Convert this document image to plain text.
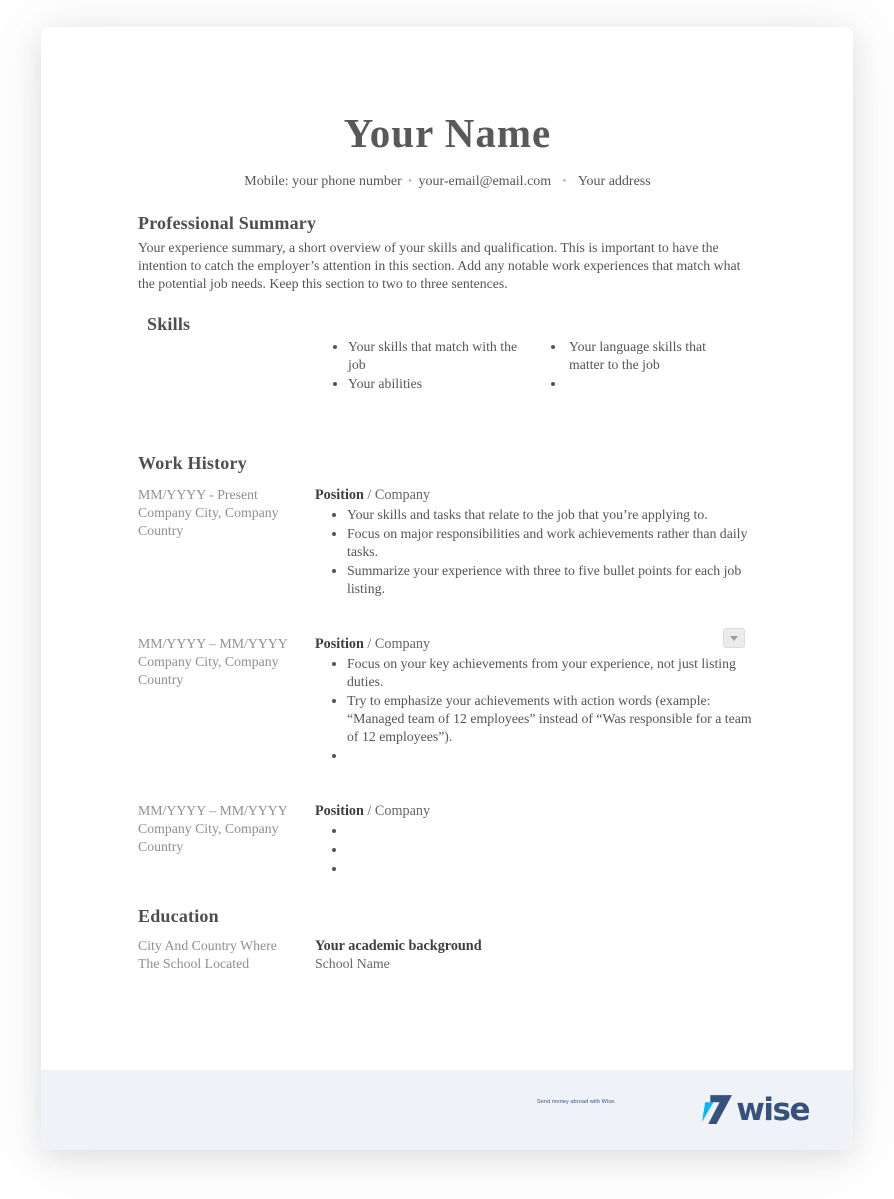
Your Name
Mobile: your phone number · your-email@email.com · Your address
Professional Summary

Your experience summary, a short overview of your skills and qualification. This is important to have the intention to catch the employer’s attention in this section. Add any notable work experiences that match what the potential job needs. Keep this section to two to three sentences.

Skills
• Your skills that match with the job
• Your abilities
• Your language skills that matter to the job
•
Work History
MM/YYYY - Present
Company City, Company Country
Position / Company
• Your skills and tasks that relate to the job that you’re applying to.
• Focus on major responsibilities and work achievements rather than daily tasks.
• Summarize your experience with three to five bullet points for each job listing.
MM/YYYY – MM/YYYY
Company City, Company Country
Position / Company
• Focus on your key achievements from your experience, not just listing duties.
• Try to emphasize your achievements with action words (example: “Managed team of 12 employees” instead of “Was responsible for a team of 12 employees”).
•
MM/YYYY – MM/YYYY
Company City, Company Country
Position / Company
•
•
•
Education
City And Country Where The School Located
Your academic background
School Name
Send money abroad with Wise.	wise
